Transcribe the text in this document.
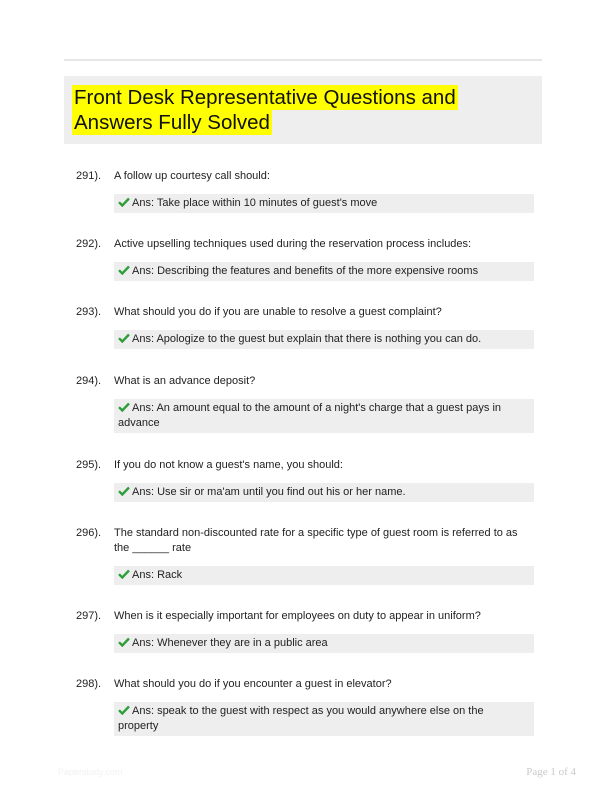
Front Desk Representative Questions and Answers Fully Solved
291). A follow up courtesy call should:
Ans: Take place within 10 minutes of guest's move
292). Active upselling techniques used during the reservation process includes:
Ans: Describing the features and benefits of the more expensive rooms
293). What should you do if you are unable to resolve a guest complaint?
Ans: Apologize to the guest but explain that there is nothing you can do.
294). What is an advance deposit?
Ans: An amount equal to the amount of a night's charge that a guest pays in advance
295). If you do not know a guest's name, you should:
Ans: Use sir or ma'am until you find out his or her name.
296). The standard non-discounted rate for a specific type of guest room is referred to as the ______ rate
Ans: Rack
297). When is it especially important for employees on duty to appear in uniform?
Ans: Whenever they are in a public area
298). What should you do if you encounter a guest in elevator?
Ans: speak to the guest with respect as you would anywhere else on the property
Paperstudy.com	Page 1 of 4
